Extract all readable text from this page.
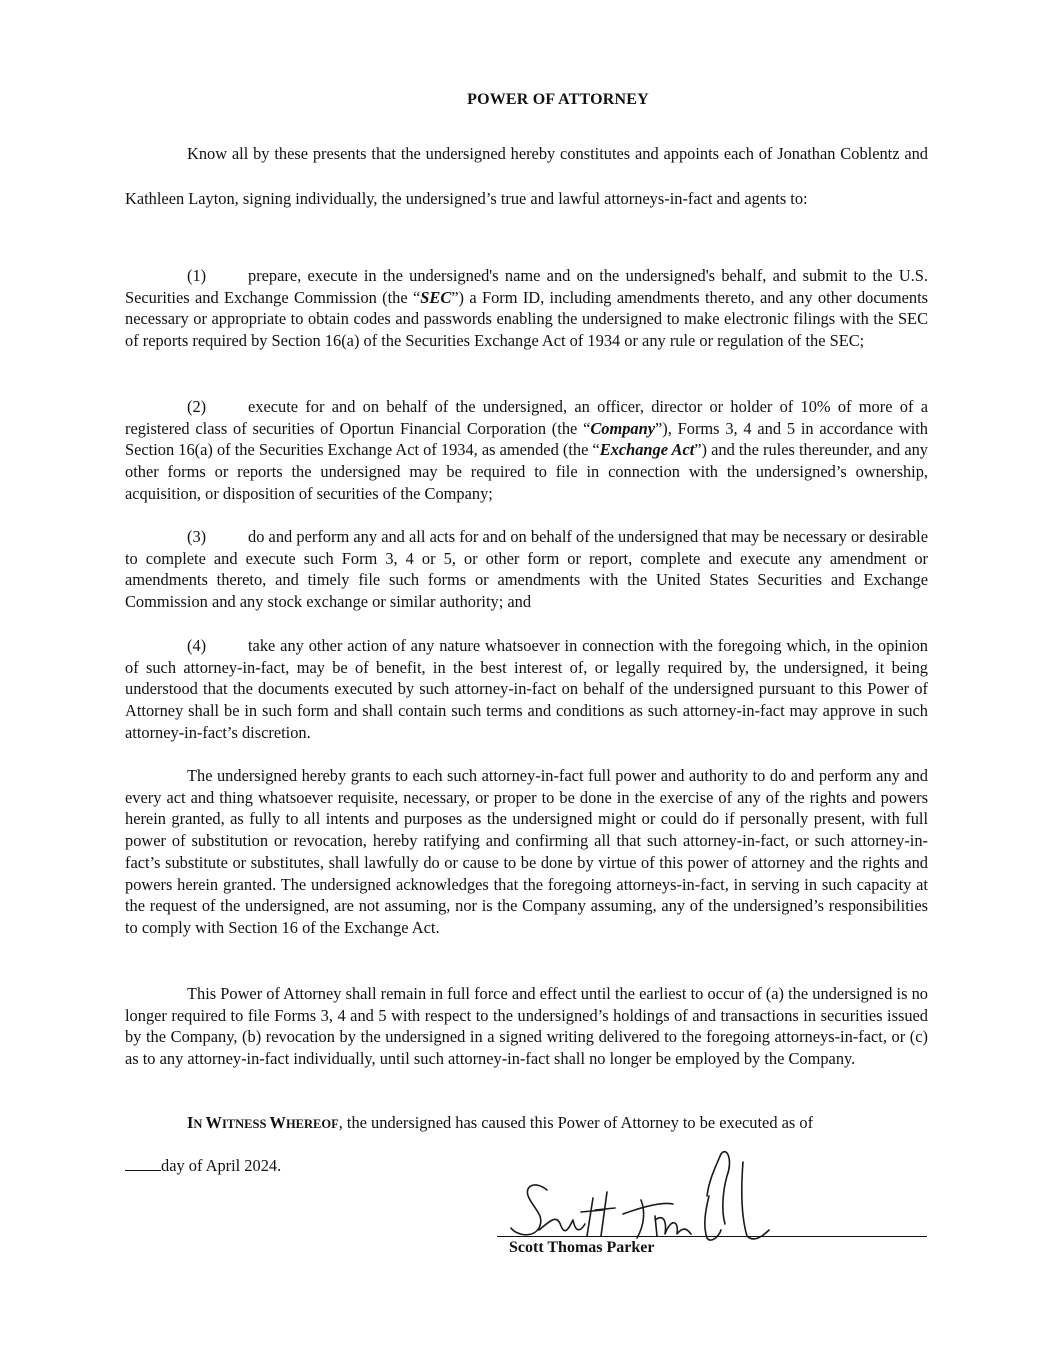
POWER OF ATTORNEY
Know all by these presents that the undersigned hereby constitutes and appoints each of Jonathan Coblentz and Kathleen Layton, signing individually, the undersigned’s true and lawful attorneys-in-fact and agents to:
(1)	prepare, execute in the undersigned's name and on the undersigned's behalf, and submit to the U.S. Securities and Exchange Commission (the “SEC”) a Form ID, including amendments thereto, and any other documents necessary or appropriate to obtain codes and passwords enabling the undersigned to make electronic filings with the SEC of reports required by Section 16(a) of the Securities Exchange Act of 1934 or any rule or regulation of the SEC;
(2)	execute for and on behalf of the undersigned, an officer, director or holder of 10% of more of a registered class of securities of Oportun Financial Corporation (the “Company”), Forms 3, 4 and 5 in accordance with Section 16(a) of the Securities Exchange Act of 1934, as amended (the “Exchange Act”) and the rules thereunder, and any other forms or reports the undersigned may be required to file in connection with the undersigned’s ownership, acquisition, or disposition of securities of the Company;
(3)	do and perform any and all acts for and on behalf of the undersigned that may be necessary or desirable to complete and execute such Form 3, 4 or 5, or other form or report, complete and execute any amendment or amendments thereto, and timely file such forms or amendments with the United States Securities and Exchange Commission and any stock exchange or similar authority; and
(4)	take any other action of any nature whatsoever in connection with the foregoing which, in the opinion of such attorney-in-fact, may be of benefit, in the best interest of, or legally required by, the undersigned, it being understood that the documents executed by such attorney-in-fact on behalf of the undersigned pursuant to this Power of Attorney shall be in such form and shall contain such terms and conditions as such attorney-in-fact may approve in such attorney-in-fact’s discretion.
The undersigned hereby grants to each such attorney-in-fact full power and authority to do and perform any and every act and thing whatsoever requisite, necessary, or proper to be done in the exercise of any of the rights and powers herein granted, as fully to all intents and purposes as the undersigned might or could do if personally present, with full power of substitution or revocation, hereby ratifying and confirming all that such attorney-in-fact, or such attorney-in-fact’s substitute or substitutes, shall lawfully do or cause to be done by virtue of this power of attorney and the rights and powers herein granted. The undersigned acknowledges that the foregoing attorneys-in-fact, in serving in such capacity at the request of the undersigned, are not assuming, nor is the Company assuming, any of the undersigned’s responsibilities to comply with Section 16 of the Exchange Act.
This Power of Attorney shall remain in full force and effect until the earliest to occur of (a) the undersigned is no longer required to file Forms 3, 4 and 5 with respect to the undersigned’s holdings of and transactions in securities issued by the Company, (b) revocation by the undersigned in a signed writing delivered to the foregoing attorneys-in-fact, or (c) as to any attorney-in-fact individually, until such attorney-in-fact shall no longer be employed by the Company.
IN WITNESS WHEREOF, the undersigned has caused this Power of Attorney to be executed as of
day of April 2024.
Scott Thomas Parker
